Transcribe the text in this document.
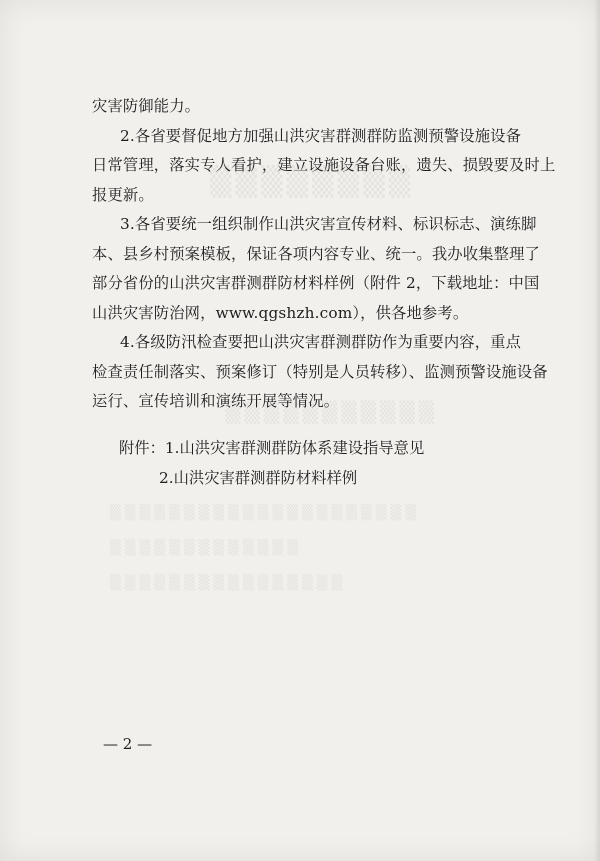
▒▒▒▒▒▒▒▒
▒▒▒▒▒▒▒▒▒▒▒
▒▒▒▒▒▒▒▒▒▒▒▒▒▒▒▒▒▒▒▒▒
▒▒▒▒▒▒▒▒▒▒▒▒▒
▒▒▒▒▒▒▒▒▒▒▒▒▒▒▒▒
灾害防御能力。
2.各省要督促地方加强山洪灾害群测群防监测预警设施设备
日常管理，落实专人看护，建立设施设备台账，遗失、损毁要及时上
报更新。
3.各省要统一组织制作山洪灾害宣传材料、标识标志、演练脚
本、县乡村预案模板，保证各项内容专业、统一。我办收集整理了
部分省份的山洪灾害群测群防材料样例（附件 2，下载地址：中国
山洪灾害防治网，www.qgshzh.com），供各地参考。
4.各级防汛检查要把山洪灾害群测群防作为重要内容，重点
检查责任制落实、预案修订（特别是人员转移）、监测预警设施设备
运行、宣传培训和演练开展等情况。
附件：1.山洪灾害群测群防体系建设指导意见
2.山洪灾害群测群防材料样例
— 2 —
